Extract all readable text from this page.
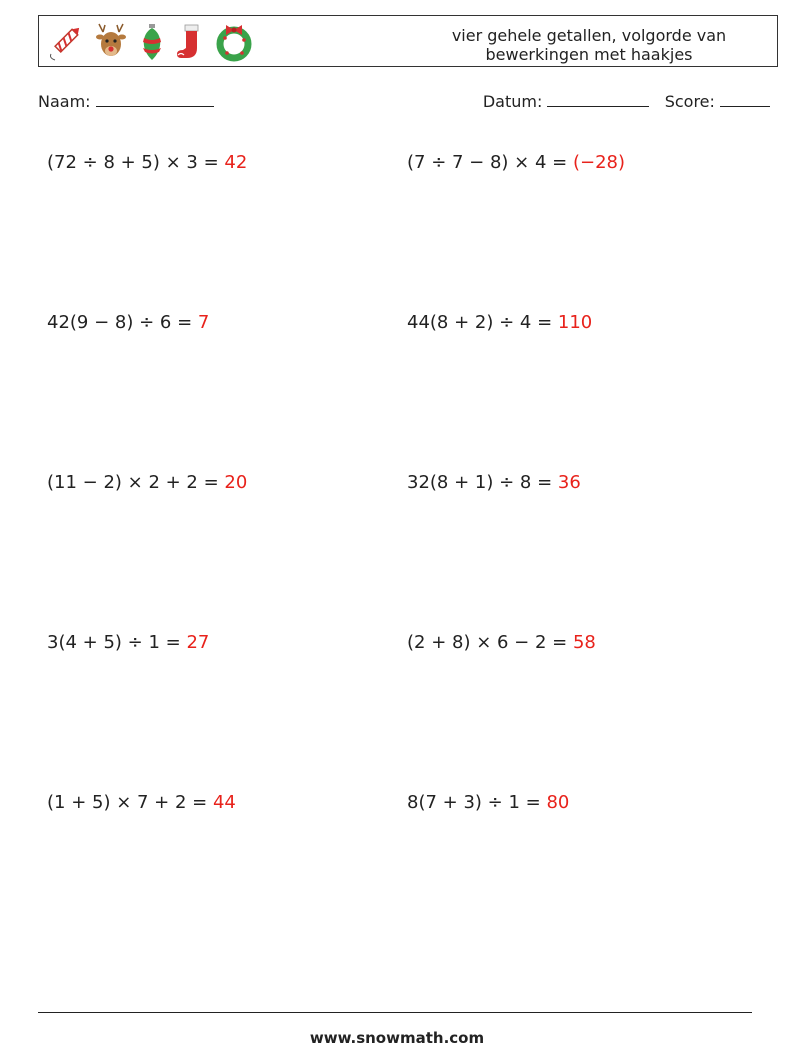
vier gehele getallen, volgorde van
bewerkingen met haakjes
Naam:	Datum:	Score:
(72 ÷ 8 + 5) × 3 = 42	(7 ÷ 7 − 8) × 4 = (−28)
42(9 − 8) ÷ 6 = 7	44(8 + 2) ÷ 4 = 110
(11 − 2) × 2 + 2 = 20	32(8 + 1) ÷ 8 = 36
3(4 + 5) ÷ 1 = 27	(2 + 8) × 6 − 2 = 58
(1 + 5) × 7 + 2 = 44	8(7 + 3) ÷ 1 = 80
www.snowmath.com
